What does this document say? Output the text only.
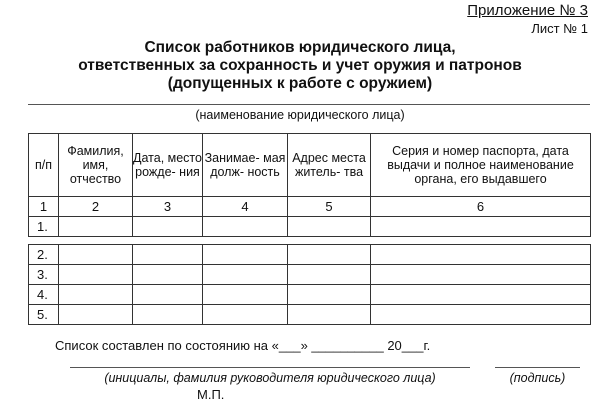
Приложение № 3
Лист № 1
Список работников юридического лица,
ответственных за сохранность и учет оружия и патронов
(допущенных к работе с оружием)
(наименование юридического лица)
п/п	Фамилия, имя, отчество	Дата, место рожде- ния	Занимае- мая долж- ность	Адрес места житель- тва	Серия и номер паспорта, дата выдачи и полное наименование органа, его выдавшего
1	2	3	4	5	6
1.					
2.					
3.					
4.					
5.					
Список составлен по состоянию на «___» __________ 20___г.
(инициалы, фамилия руководителя юридического лица)	(подпись)
М.П.
